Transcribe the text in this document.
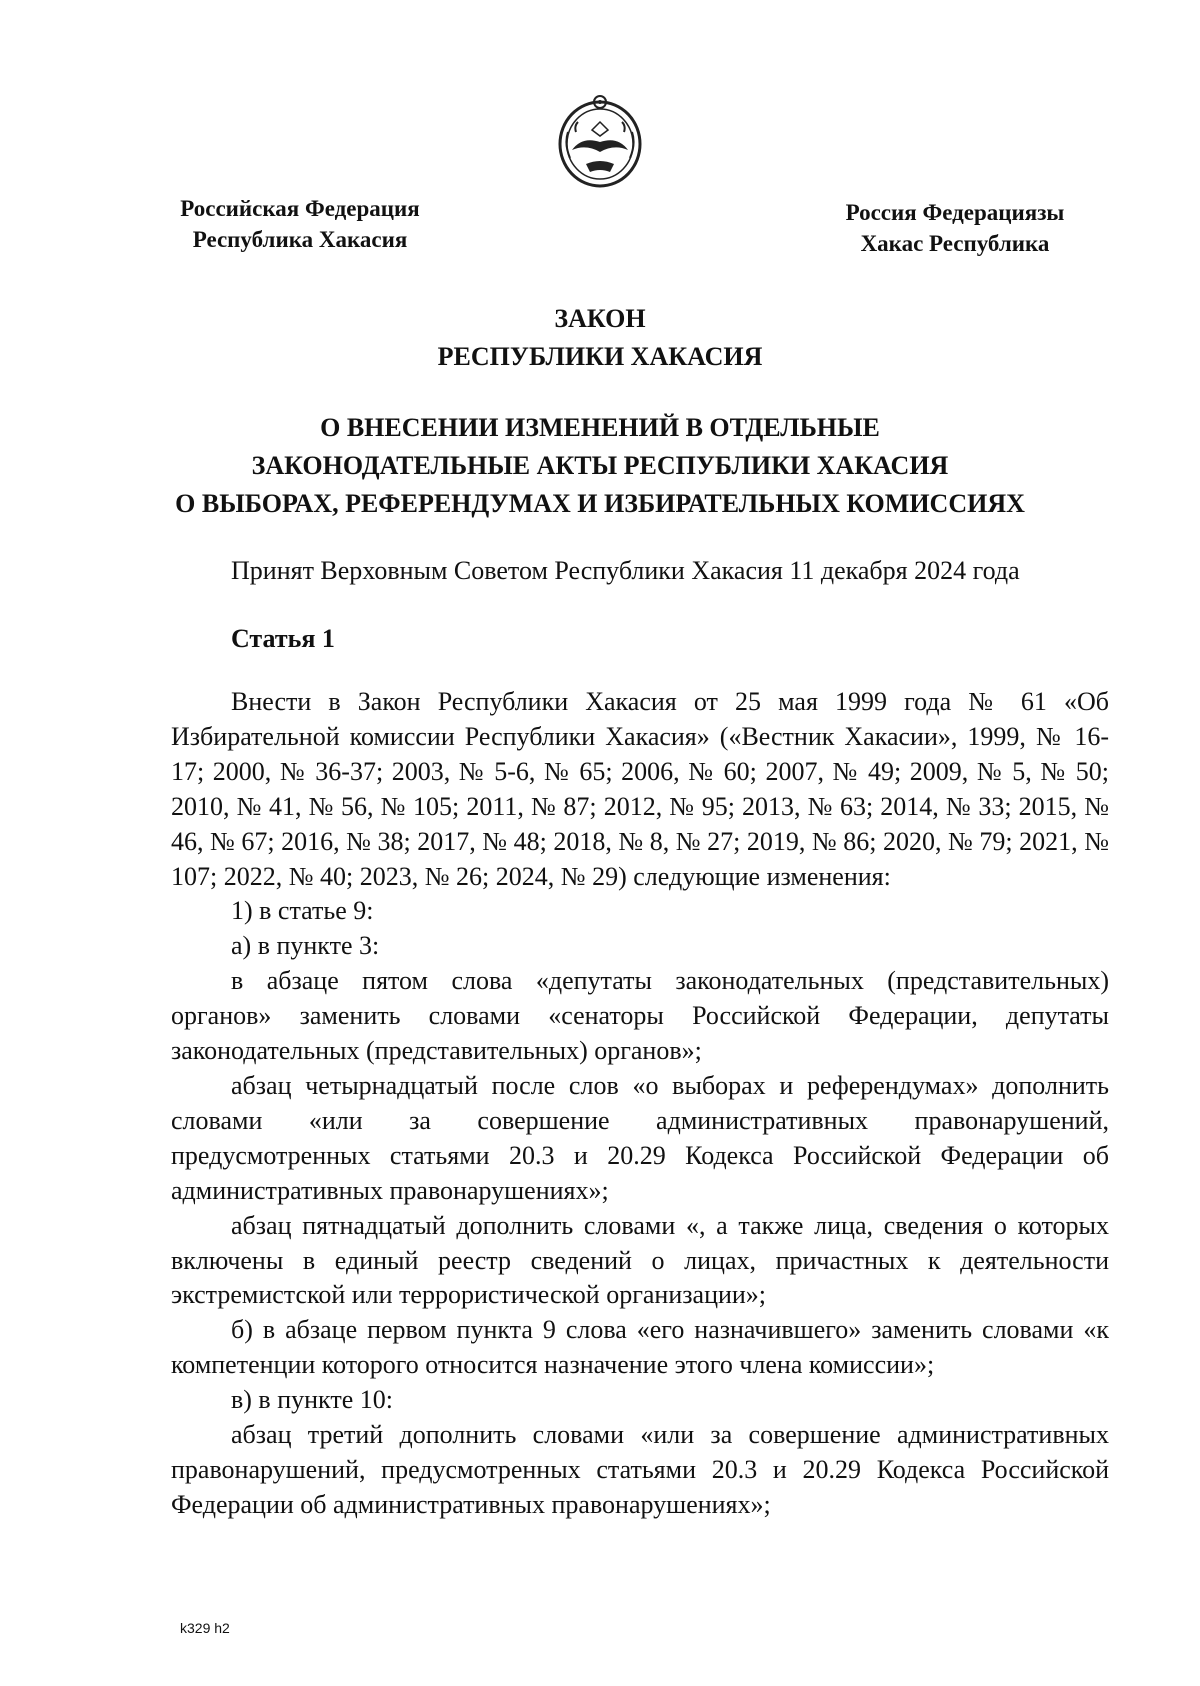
Российская Федерация
Республика Хакасия
Россия Федерациязы
Хакас Республика
ЗАКОН
РЕСПУБЛИКИ ХАКАСИЯ
О ВНЕСЕНИИ ИЗМЕНЕНИЙ В ОТДЕЛЬНЫЕ
ЗАКОНОДАТЕЛЬНЫЕ АКТЫ РЕСПУБЛИКИ ХАКАСИЯ
О ВЫБОРАХ, РЕФЕРЕНДУМАХ И ИЗБИРАТЕЛЬНЫХ КОМИССИЯХ
Принят Верховным Советом Республики Хакасия 11 декабря 2024 года
Статья 1

Внести в Закон Республики Хакасия от 25 мая 1999 года № 61 «Об Избирательной комиссии Республики Хакасия» («Вестник Хакасии», 1999, № 16-17; 2000, № 36-37; 2003, № 5-6, № 65; 2006, № 60; 2007, № 49; 2009, № 5, № 50; 2010, № 41, № 56, № 105; 2011, № 87; 2012, № 95; 2013, № 63; 2014, № 33; 2015, № 46, № 67; 2016, № 38; 2017, № 48; 2018, № 8, № 27; 2019, № 86; 2020, № 79; 2021, № 107; 2022, № 40; 2023, № 26; 2024, № 29) следующие изменения:

1) в статье 9:

а) в пункте 3:

в абзаце пятом слова «депутаты законодательных (представительных) органов» заменить словами «сенаторы Российской Федерации, депутаты законодательных (представительных) органов»;

абзац четырнадцатый после слов «о выборах и референдумах» дополнить словами «или за совершение административных правонарушений, предусмотренных статьями 20.3 и 20.29 Кодекса Российской Федерации об административных правонарушениях»;

абзац пятнадцатый дополнить словами «, а также лица, сведения о которых включены в единый реестр сведений о лицах, причастных к деятельности экстремистской или террористической организации»;

б) в абзаце первом пункта 9 слова «его назначившего» заменить словами «к компетенции которого относится назначение этого члена комиссии»;

в) в пункте 10:

абзац третий дополнить словами «или за совершение административных правонарушений, предусмотренных статьями 20.3 и 20.29 Кодекса Российской Федерации об административных правонарушениях»;

k329 h2
